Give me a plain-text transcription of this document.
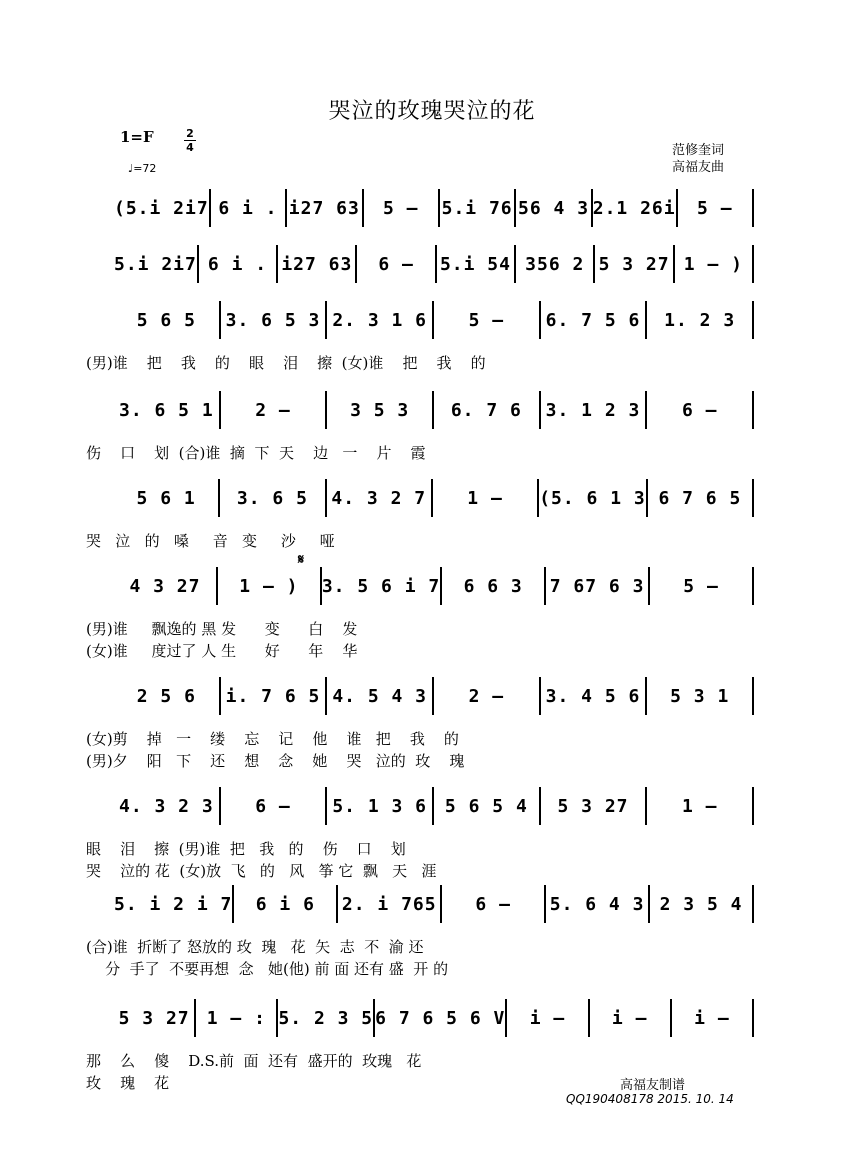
哭泣的玫瑰哭泣的花
1=F	2
4
♩=72
范修奎词
高福友曲
(5.i 2i7 6 i . i27 63	5 –	5.i 76 56 4 3 2.1 26i	5 –
5.i 2i7 6 i . i27 63	6 –	5.i 54 356 2 5 3 27 1 – )
5 6 5	3. 6 5 3 2. 3 1 6	5 –	6. 7 5 6	1. 2 3
(男)谁    把    我    的    眼    泪    擦  (女)谁    把    我    的
3. 6 5 1	2 –	3 5 3	6. 7 6	3. 1 2 3	6 –
伤    口    划  (合)谁  摘  下  天    边   一    片    霞
5 6 1	3. 6 5	4. 3 2 7	1 –	(5. 6 1 3 6 7 6 5
哭   泣   的   嗓     音   变     沙     哑
4 3 27	1 – )	3. 5 6 i 7	6 6 3	7 67 6 3	5 –
(男)谁     飘逸的 黑 发      变      白    发
(女)谁     度过了 人 生      好      年    华
2 5 6	i. 7 6 5 4. 5 4 3	2 –	3. 4 5 6	5 3 1
(女)剪    掉   一    缕    忘    记    他    谁   把    我    的
(男)夕    阳   下    还    想    念    她    哭   泣的  玫    瑰
4. 3 2 3	6 –	5. 1 3 6 5 6 5 4	5 3 27	1 –
眼    泪    擦  (男)谁  把   我   的    伤    口    划
哭    泣的 花  (女)放  飞   的   风   筝 它  飘   天   涯
5. i 2 i 7	6 i 6	2. i 765	6 –	5. 6 4 3 2 3 5 4
(合)谁  折断了 怒放的 玫  瑰   花  矢  志  不  渝 还
分  手了  不要再想  念   她(他) 前 面 还有 盛  开 的
5 3 27 1 – : 5. 2 3 5 6 7 6 5 6 V	i –	i –	i –
那    么    傻    D.S.前  面  还有  盛开的  玫瑰   花
玫    瑰    花
𝄋
高福友制谱
QQ190408178 2015. 10. 14
